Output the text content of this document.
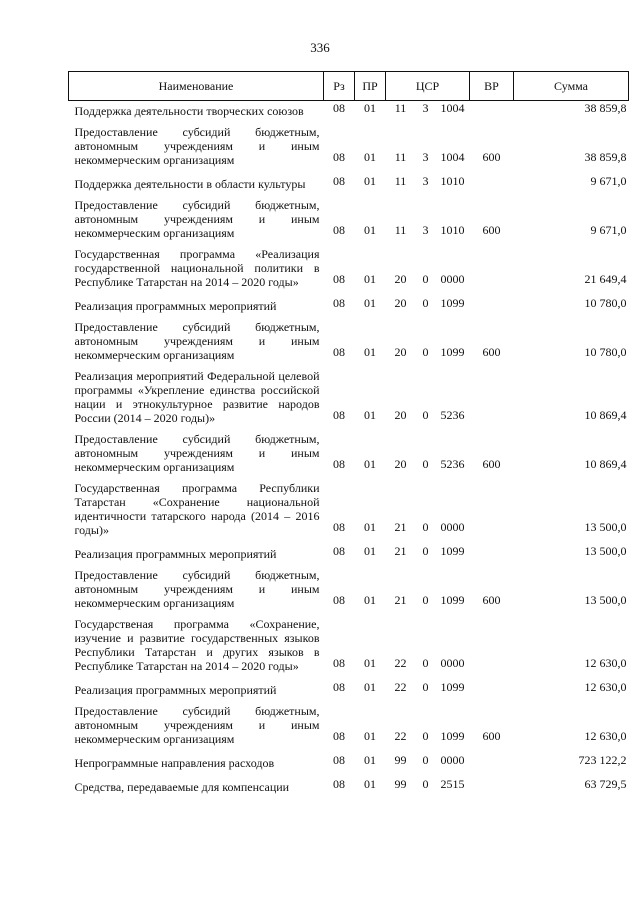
336
Наименование	Рз	ПР	ЦСР			ВР	Сумма
Поддержка деятельности творческих союзов	08	01	11	3	1004		38 859,8
Предоставление субсидий бюджетным, автономным учреждениям и иным некоммерческим организациям	08	01	11	3	1004	600	38 859,8
Поддержка деятельности в области культуры	08	01	11	3	1010		9 671,0
Предоставление субсидий бюджетным, автономным учреждениям и иным некоммерческим организациям	08	01	11	3	1010	600	9 671,0
Государственная программа «Реализация государственной национальной политики в Республике Татарстан на 2014 – 2020 годы»	08	01	20	0	0000		21 649,4
Реализация программных мероприятий	08	01	20	0	1099		10 780,0
Предоставление субсидий бюджетным, автономным учреждениям и иным некоммерческим организациям	08	01	20	0	1099	600	10 780,0
Реализация мероприятий Федеральной целевой программы «Укрепление единства российской нации и этнокультурное развитие народов России (2014 – 2020 годы)»	08	01	20	0	5236		10 869,4
Предоставление субсидий бюджетным, автономным учреждениям и иным некоммерческим организациям	08	01	20	0	5236	600	10 869,4
Государственная программа Республики Татарстан «Сохранение национальной идентичности татарского народа (2014 – 2016 годы)»	08	01	21	0	0000		13 500,0
Реализация программных мероприятий	08	01	21	0	1099		13 500,0
Предоставление субсидий бюджетным, автономным учреждениям и иным некоммерческим организациям	08	01	21	0	1099	600	13 500,0
Государственая программа «Сохранение, изучение и развитие государственных языков Республики Татарстан и других языков в Республике Татарстан на 2014 – 2020 годы»	08	01	22	0	0000		12 630,0
Реализация программных мероприятий	08	01	22	0	1099		12 630,0
Предоставление субсидий бюджетным, автономным учреждениям и иным некоммерческим организациям	08	01	22	0	1099	600	12 630,0
Непрограммные направления расходов	08	01	99	0	0000		723 122,2
Средства, передаваемые для компенсации	08	01	99	0	2515		63 729,5
